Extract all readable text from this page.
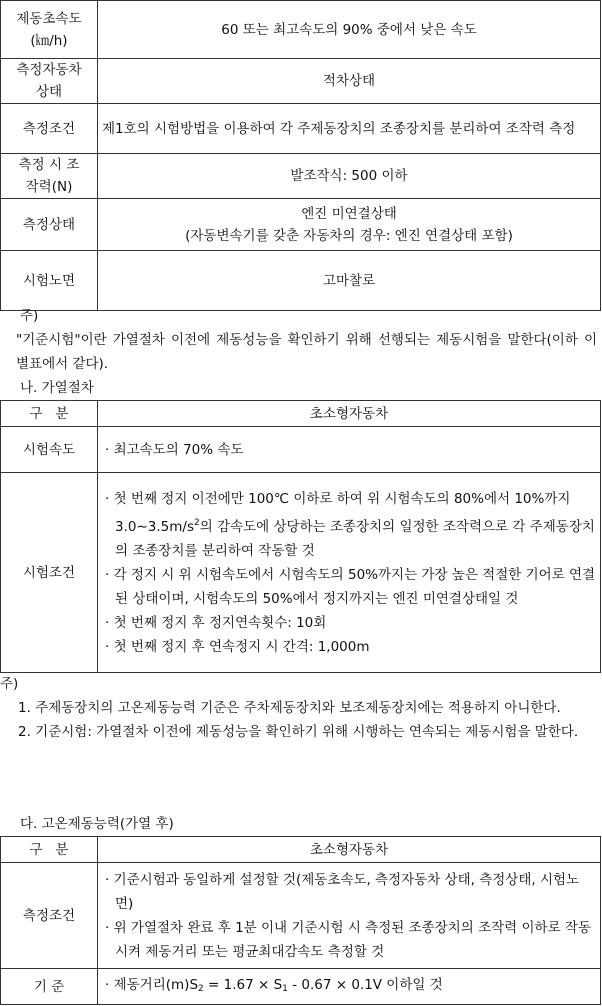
제동초속도
(㎞/h)	60 또는 최고속도의 90% 중에서 낮은 속도
측정자동차
상태	적차상태
측정조건	제1호의 시험방법을 이용하여 각 주제동장치의 조종장치를 분리하여 조작력 측정
측정 시 조
작력(N)	발조작식: 500 이하
측정상태	엔진 미연결상태
(자동변속기를 갖춘 자동차의 경우: 엔진 연결상태 포함)
시험노면	고마찰로
주)
"기준시험"이란 가열절차 이전에 제동성능을 확인하기 위해 선행되는 제동시험을 말한다(이하 이 별표에서 같다).
나. 가열절차
구   분	초소형자동차
시험속도	· 최고속도의 70% 속도

시험조건	· 첫 번째 정지 이전에만 100℃ 이하로 하여 위 시험속도의 80%에서 10%까지 $3.0\sim 3.5m/s^2$의 감속도에 상당하는 조종장치의 일정한 조작력으로 각 주제동장치의 조종장치를 분리하여 작동할 것
· 각 정지 시 위 시험속도에서 시험속도의 50%까지는 가장 높은 적절한 기어로 연결된 상태이며, 시험속도의 50%에서 정지까지는 엔진 미연결상태일 것
· 첫 번째 정지 후 정지연속횟수: 10회
· 첫 번째 정지 후 연속정지 시 간격: 1,000m
주)
1. 주제동장치의 고온제동능력 기준은 주차제동장치와 보조제동장치에는 적용하지 아니한다.
2. 기준시험: 가열절차 이전에 제동성능을 확인하기 위해 시행하는 연속되는 제동시험을 말한다.
다. 고온제동능력(가열 후)
구   분	초소형자동차
측정조건	· 기준시험과 동일하게 설정할 것(제동초속도, 측정자동차 상태, 측정상태, 시험노면)
· 위 가열절차 완료 후 1분 이내 기준시험 시 측정된 조종장치의 조작력 이하로 작동시켜 제동거리 또는 평균최대감속도 측정할 것

기 준	· 제동거리$(m)S_2 = 1.67 \times S_1 - 0.67 \times 0.1V$ 이하일 것
